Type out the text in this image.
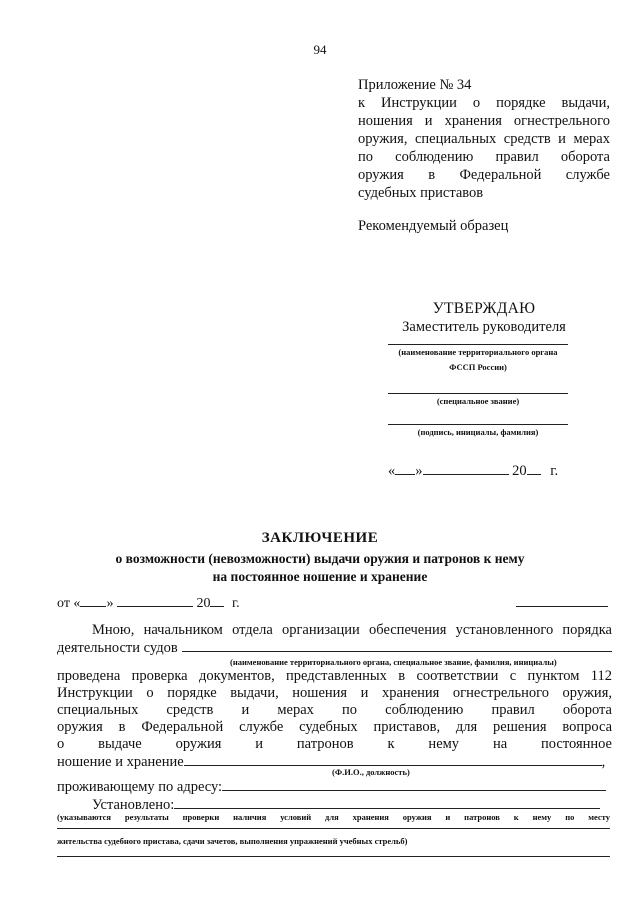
94
Приложение № 34
к Инструкции о порядке выдачи,
ношения и хранения огнестрельного
оружия, специальных средств и мерах
по соблюдению правил оборота
оружия в Федеральной службе
судебных приставов
Рекомендуемый образец
УТВЕРЖДАЮ
Заместитель руководителя
(наименование территориального органа
ФССП России)
(специальное звание)
(подпись, инициалы, фамилия)
« »	20 г.
ЗАКЛЮЧЕНИЕ
о возможности (невозможности) выдачи оружия и патронов к нему
на постоянное ношение и хранение
от « »	20 г.
Мною, начальником отдела организации обеспечения установленного порядка
деятельности судов
(наименование территориального органа, специальное звание, фамилия, инициалы)
проведена проверка документов, представленных в соответствии с пунктом 112
Инструкции о порядке выдачи, ношения и хранения огнестрельного оружия,
специальных средств и мерах по соблюдению правил оборота
оружия в Федеральной службе судебных приставов, для решения вопроса
о выдаче оружия и патронов к нему на постоянное
ношение и хранение	,
(Ф.И.О., должность)
проживающему по адресу:
Установлено:
(указываются результаты проверки наличия условий для хранения оружия и патронов к нему по месту
жительства судебного пристава, сдачи зачетов, выполнения упражнений учебных стрельб)
